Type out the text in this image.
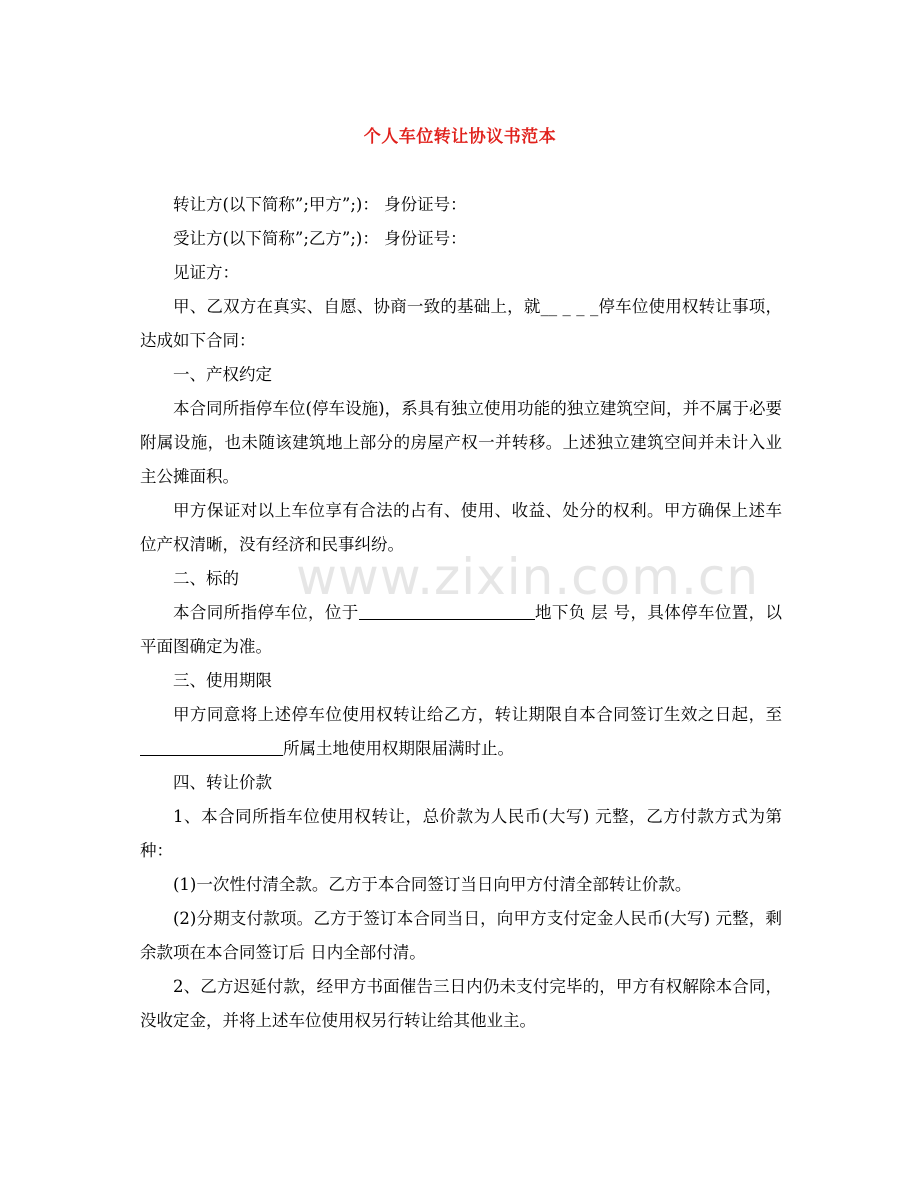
个人车位转让协议书范本

转让方(以下简称”;甲方”;)： 身份证号：

受让方(以下简称”;乙方”;)： 身份证号：

见证方：

甲、乙双方在真实、自愿、协商一致的基础上，就__ _ _ _停车位使用权转让事项，达成如下合同：

一、产权约定

本合同所指停车位(停车设施)，系具有独立使用功能的独立建筑空间，并不属于必要附属设施，也未随该建筑地上部分的房屋产权一并转移。上述独立建筑空间并未计入业主公摊面积。

甲方保证对以上车位享有合法的占有、使用、收益、处分的权利。甲方确保上述车位产权清晰，没有经济和民事纠纷。

二、标的

本合同所指停车位，位于	地下负 层 号，具体停车位置，以平面图确定为准。

三、使用期限

甲方同意将上述停车位使用权转让给乙方，转让期限自本合同签订生效之日起，至所属土地使用权期限届满时止。

四、转让价款

1、本合同所指车位使用权转让，总价款为人民币(大写) 元整，乙方付款方式为第 种：

(1)一次性付清全款。乙方于本合同签订当日向甲方付清全部转让价款。

(2)分期支付款项。乙方于签订本合同当日，向甲方支付定金人民币(大写) 元整，剩余款项在本合同签订后 日内全部付清。

2、乙方迟延付款，经甲方书面催告三日内仍未支付完毕的，甲方有权解除本合同，没收定金，并将上述车位使用权另行转让给其他业主。

www.zixin.com.cn
